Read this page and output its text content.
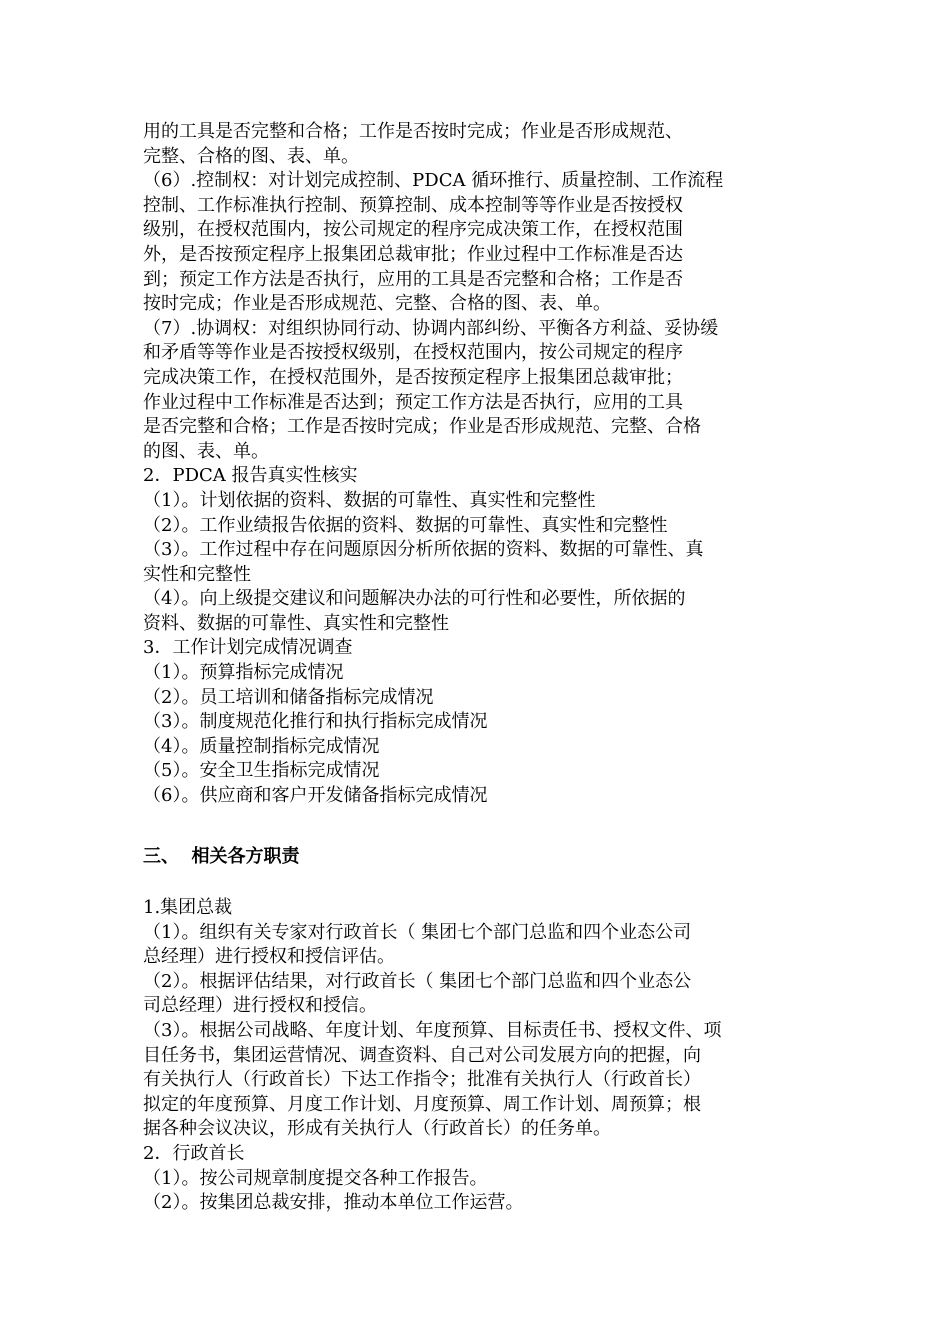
用的工具是否完整和合格；工作是否按时完成；作业是否形成规范、
完整、合格的图、表、单。
（6）.控制权：对计划完成控制、PDCA 循环推行、质量控制、工作流程
控制、工作标准执行控制、预算控制、成本控制等等作业是否按授权
级别，在授权范围内，按公司规定的程序完成决策工作，在授权范围
外，是否按预定程序上报集团总裁审批；作业过程中工作标准是否达
到；预定工作方法是否执行，应用的工具是否完整和合格；工作是否
按时完成；作业是否形成规范、完整、合格的图、表、单。
（7）.协调权：对组织协同行动、协调内部纠纷、平衡各方利益、妥协缓
和矛盾等等作业是否按授权级别，在授权范围内，按公司规定的程序
完成决策工作，在授权范围外，是否按预定程序上报集团总裁审批；
作业过程中工作标准是否达到；预定工作方法是否执行，应用的工具
是否完整和合格；工作是否按时完成；作业是否形成规范、完整、合格
的图、表、单。
2．PDCA 报告真实性核实
（1）。计划依据的资料、数据的可靠性、真实性和完整性
（2）。工作业绩报告依据的资料、数据的可靠性、真实性和完整性
（3）。工作过程中存在问题原因分析所依据的资料、数据的可靠性、真
实性和完整性
（4）。向上级提交建议和问题解决办法的可行性和必要性，所依据的
资料、数据的可靠性、真实性和完整性
3．工作计划完成情况调查
（1）。预算指标完成情况
（2）。员工培训和储备指标完成情况
（3）。制度规范化推行和执行指标完成情况
（4）。质量控制指标完成情况
（5）。安全卫生指标完成情况
（6）。供应商和客户开发储备指标完成情况
三、  相关各方职责
1.集团总裁
（1）。组织有关专家对行政首长（ 集团七个部门总监和四个业态公司
总经理）进行授权和授信评估。
（2）。根据评估结果，对行政首长（ 集团七个部门总监和四个业态公
司总经理）进行授权和授信。
（3）。根据公司战略、年度计划、年度预算、目标责任书、授权文件、项
目任务书，集团运营情况、调查资料、自己对公司发展方向的把握，向
有关执行人（行政首长）下达工作指令；批准有关执行人（行政首长）
拟定的年度预算、月度工作计划、月度预算、周工作计划、周预算；根
据各种会议决议，形成有关执行人（行政首长）的任务单。
2．行政首长
（1）。按公司规章制度提交各种工作报告。
（2）。按集团总裁安排，推动本单位工作运营。
